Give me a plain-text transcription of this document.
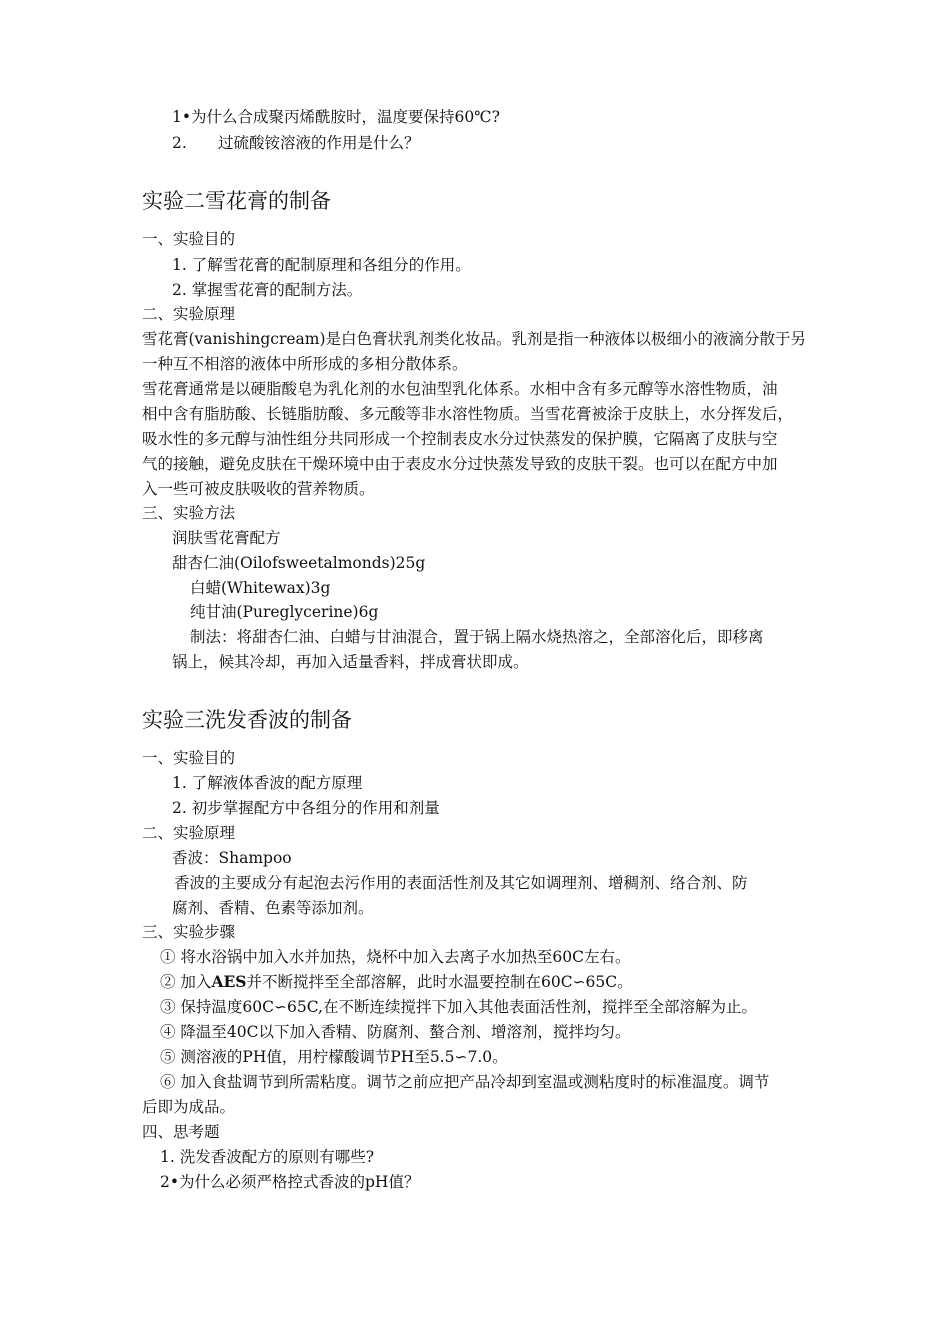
1•为什么合成聚丙烯酰胺时，温度要保持60℃?
2. 过硫酸铵溶液的作用是什么？
实验二雪花膏的制备
一、实验目的
1. 了解雪花膏的配制原理和各组分的作用。
2. 掌握雪花膏的配制方法。
二、实验原理
雪花膏(vanishingcream)是白色膏状乳剂类化妆品。乳剂是指一种液体以极细小的液滴分散于另
一种互不相溶的液体中所形成的多相分散体系。
雪花膏通常是以硬脂酸皂为乳化剂的水包油型乳化体系。水相中含有多元醇等水溶性物质，油
相中含有脂肪酸、长链脂肪酸、多元酸等非水溶性物质。当雪花膏被涂于皮肤上，水分挥发后，
吸水性的多元醇与油性组分共同形成一个控制表皮水分过快蒸发的保护膜，它隔离了皮肤与空
气的接触，避免皮肤在干燥环境中由于表皮水分过快蒸发导致的皮肤干裂。也可以在配方中加
入一些可被皮肤吸收的营养物质。
三、实验方法
润肤雪花膏配方
甜杏仁油(Oilofsweetalmonds)25g
白蜡(Whitewax)3g
纯甘油(Pureglycerine)6g
制法：将甜杏仁油、白蜡与甘油混合，置于锅上隔水烧热溶之，全部溶化后，即移离
锅上，候其冷却，再加入适量香料，拌成膏状即成。
实验三洗发香波的制备
一、实验目的
1. 了解液体香波的配方原理
2. 初步掌握配方中各组分的作用和剂量
二、实验原理
香波：Shampoo
香波的主要成分有起泡去污作用的表面活性剂及其它如调理剂、增稠剂、络合剂、防
腐剂、香精、色素等添加剂。
三、实验步骤
① 将水浴锅中加入水并加热，烧杯中加入去离子水加热至60C左右。
② 加入AES并不断搅拌至全部溶解，此时水温要控制在60C∽65C。
③ 保持温度60C∽65C,在不断连续搅拌下加入其他表面活性剂，搅拌至全部溶解为止。
④ 降温至40C以下加入香精、防腐剂、螯合剂、增溶剂，搅拌均匀。
⑤ 测溶液的PH值，用柠檬酸调节PH至5.5∽7.0。
⑥ 加入食盐调节到所需粘度。调节之前应把产品冷却到室温或测粘度时的标准温度。调节
后即为成品。
四、思考题
1. 洗发香波配方的原则有哪些?
2•为什么必须严格控式香波的pH值？
